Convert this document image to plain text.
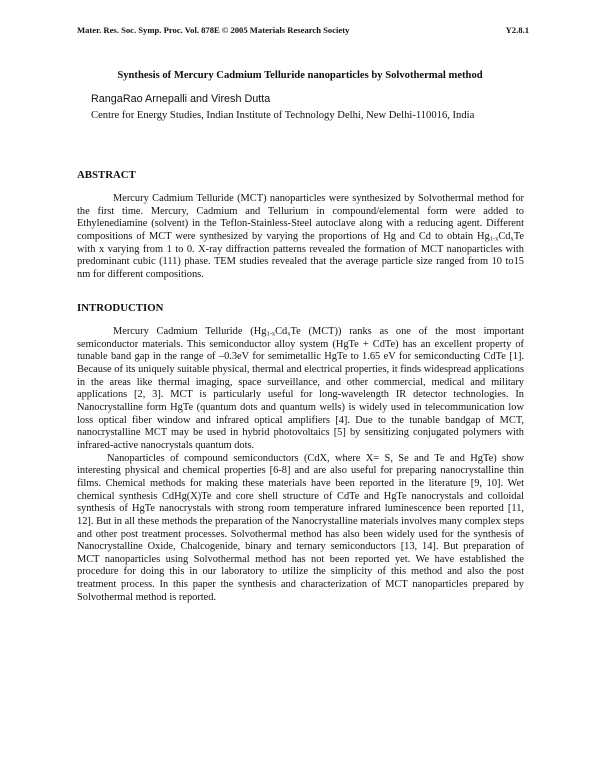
Mater. Res. Soc. Symp. Proc. Vol. 878E © 2005 Materials Research Society	Y2.8.1
Synthesis of Mercury Cadmium Telluride nanoparticles by Solvothermal method
RangaRao Arnepalli and Viresh Dutta
Centre for Energy Studies, Indian Institute of Technology Delhi, New Delhi-110016, India
ABSTRACT

Mercury Cadmium Telluride (MCT) nanoparticles were synthesized by Solvothermal method for the first time. Mercury, Cadmium and Tellurium in compound/elemental form were added to Ethylenediamine (solvent) in the Teflon-Stainless-Steel autoclave along with a reducing agent. Different compositions of MCT were synthesized by varying the proportions of Hg and Cd to obtain $Hg_{1-x}Cd_xTe$ with x varying from 1 to 0. X-ray diffraction patterns revealed the formation of MCT nanoparticles with predominant cubic (111) phase. TEM studies revealed that the average particle size ranged from 10 to15 nm for different compositions.

INTRODUCTION

Mercury Cadmium Telluride ($Hg_{1-x}Cd_xTe$ (MCT)) ranks as one of the most important semiconductor materials. This semiconductor alloy system (HgTe + CdTe) has an excellent property of tunable band gap in the range of –0.3eV for semimetallic HgTe to 1.65 eV for semiconducting CdTe [1]. Because of its uniquely suitable physical, thermal and electrical properties, it finds widespread applications in the areas like thermal imaging, space surveillance, and other commercial, medical and military applications [2, 3]. MCT is particularly useful for long-wavelength IR detector technologies. In Nanocrystalline form HgTe (quantum dots and quantum wells) is widely used in telecommunication low loss optical fiber window and infrared optical amplifiers [4]. Due to the tunable bandgap of MCT, nanocrystalline MCT may be used in hybrid photovoltaics [5] by sensitizing conjugated polymers with infrared-active nanocrystals quantum dots.

Nanoparticles of compound semiconductors (CdX, where X= S, Se and Te and HgTe) show interesting physical and chemical properties [6-8] and are also useful for preparing nanocrystalline thin films. Chemical methods for making these materials have been reported in the literature [9, 10]. Wet chemical synthesis CdHg(X)Te and core shell structure of CdTe and HgTe nanocrystals and colloidal synthesis of HgTe nanocrystals with strong room temperature infrared luminescence been reported [11, 12]. But in all these methods the preparation of the Nanocrystalline materials involves many complex steps and other post treatment processes. Solvothermal method has also been widely used for the synthesis of Nanocrystalline Oxide, Chalcogenide, binary and ternary semiconductors [13, 14]. But preparation of MCT nanoparticles using Solvothermal method has not been reported yet. We have established the procedure for doing this in our laboratory to utilize the simplicity of this method and also the post treatment process. In this paper the synthesis and characterization of MCT nanoparticles prepared by Solvothermal method is reported.
